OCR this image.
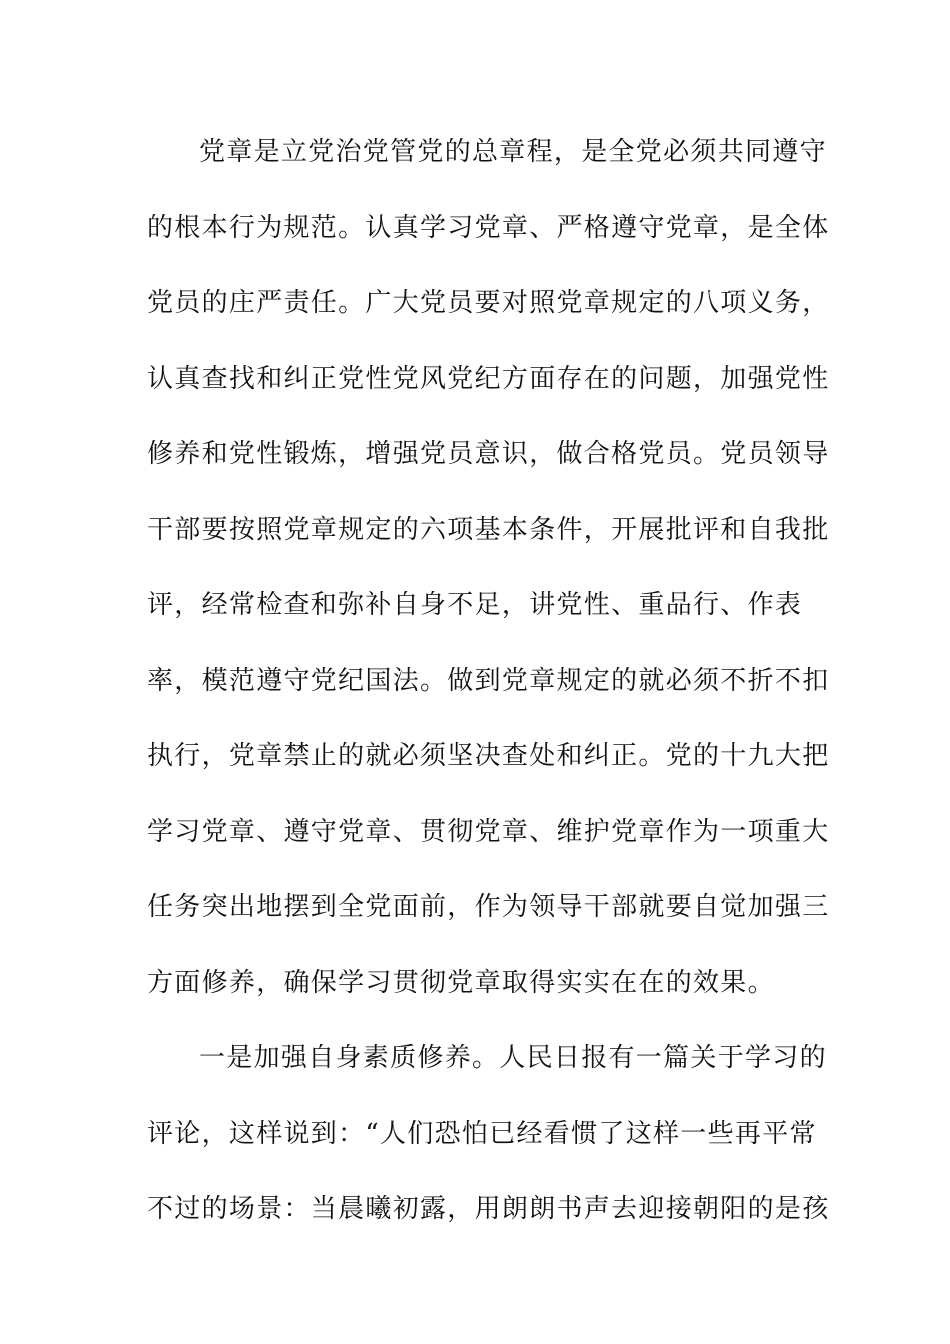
党章是立党治党管党的总章程，是全党必须共同遵守
的根本行为规范。认真学习党章、严格遵守党章，是全体
党员的庄严责任。广大党员要对照党章规定的八项义务，
认真查找和纠正党性党风党纪方面存在的问题，加强党性
修养和党性锻炼，增强党员意识，做合格党员。党员领导
干部要按照党章规定的六项基本条件，开展批评和自我批
评，经常检查和弥补自身不足，讲党性、重品行、作表
率，模范遵守党纪国法。做到党章规定的就必须不折不扣
执行，党章禁止的就必须坚决查处和纠正。党的十九大把
学习党章、遵守党章、贯彻党章、维护党章作为一项重大
任务突出地摆到全党面前，作为领导干部就要自觉加强三
方面修养，确保学习贯彻党章取得实实在在的效果。
一是加强自身素质修养。人民日报有一篇关于学习的
评论，这样说到：“人们恐怕已经看惯了这样一些再平常
不过的场景：当晨曦初露，用朗朗书声去迎接朝阳的是孩
